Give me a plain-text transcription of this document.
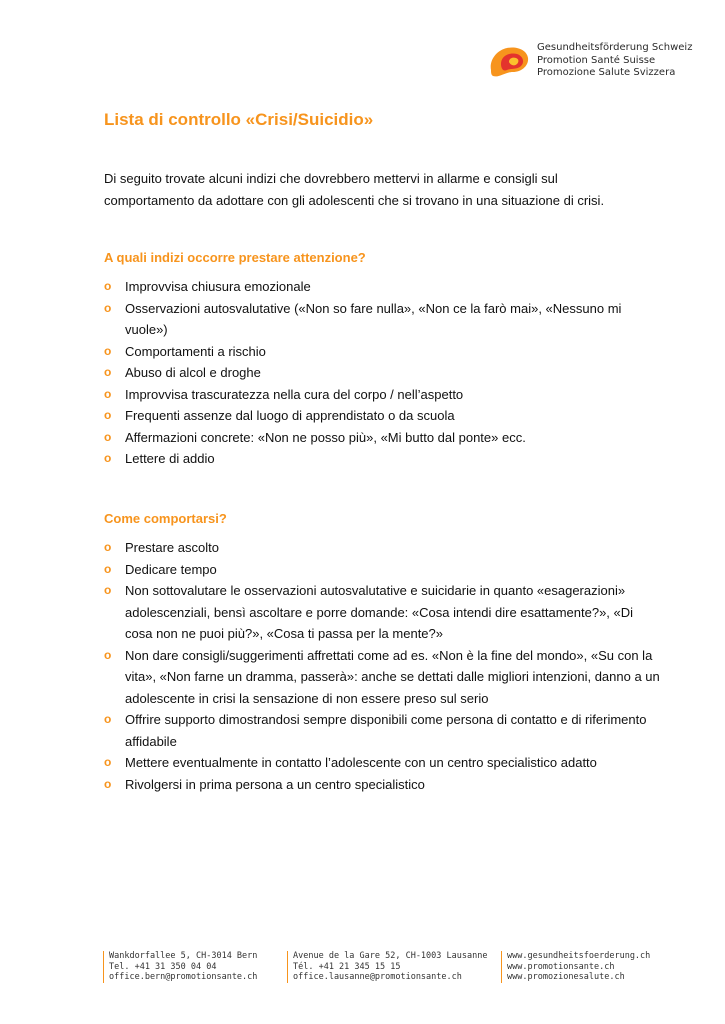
Gesundheitsförderung Schweiz
Promotion Santé Suisse
Promozione Salute Svizzera
Lista di controllo «Crisi/Suicidio»

Di seguito trovate alcuni indizi che dovrebbero mettervi in allarme e consigli sul
comportamento da adottare con gli adolescenti che si trovano in una situazione di crisi.

A quali indizi occorre prestare attenzione?
o Improvvisa chiusura emozionale
o Osservazioni autosvalutative («Non so fare nulla», «Non ce la farò mai», «Nessuno mi vuole»)
o Comportamenti a rischio
o Abuso di alcol e droghe
o Improvvisa trascuratezza nella cura del corpo / nell’aspetto
o Frequenti assenze dal luogo di apprendistato o da scuola
o Affermazioni concrete: «Non ne posso più», «Mi butto dal ponte» ecc.
o Lettere di addio
Come comportarsi?
o Prestare ascolto
o Dedicare tempo
o Non sottovalutare le osservazioni autosvalutative e suicidarie in quanto «esagerazioni» adolescenziali, bensì ascoltare e porre domande: «Cosa intendi dire esattamente?», «Di cosa non ne puoi più?», «Cosa ti passa per la mente?»
o Non dare consigli/suggerimenti affrettati come ad es. «Non è la fine del mondo», «Su con la vita», «Non farne un dramma, passerà»: anche se dettati dalle migliori intenzioni, danno a un adolescente in crisi la sensazione di non essere preso sul serio
o Offrire supporto dimostrandosi sempre disponibili come persona di contatto e di riferimento affidabile
o Mettere eventualmente in contatto l’adolescente con un centro specialistico adatto
o Rivolgersi in prima persona a un centro specialistico
Wankdorfallee 5, CH-3014 Bern
Tel. +41 31 350 04 04
office.bern@promotionsante.ch
Avenue de la Gare 52, CH-1003 Lausanne
Tél. +41 21 345 15 15
office.lausanne@promotionsante.ch
www.gesundheitsfoerderung.ch
www.promotionsante.ch
www.promozionesalute.ch
